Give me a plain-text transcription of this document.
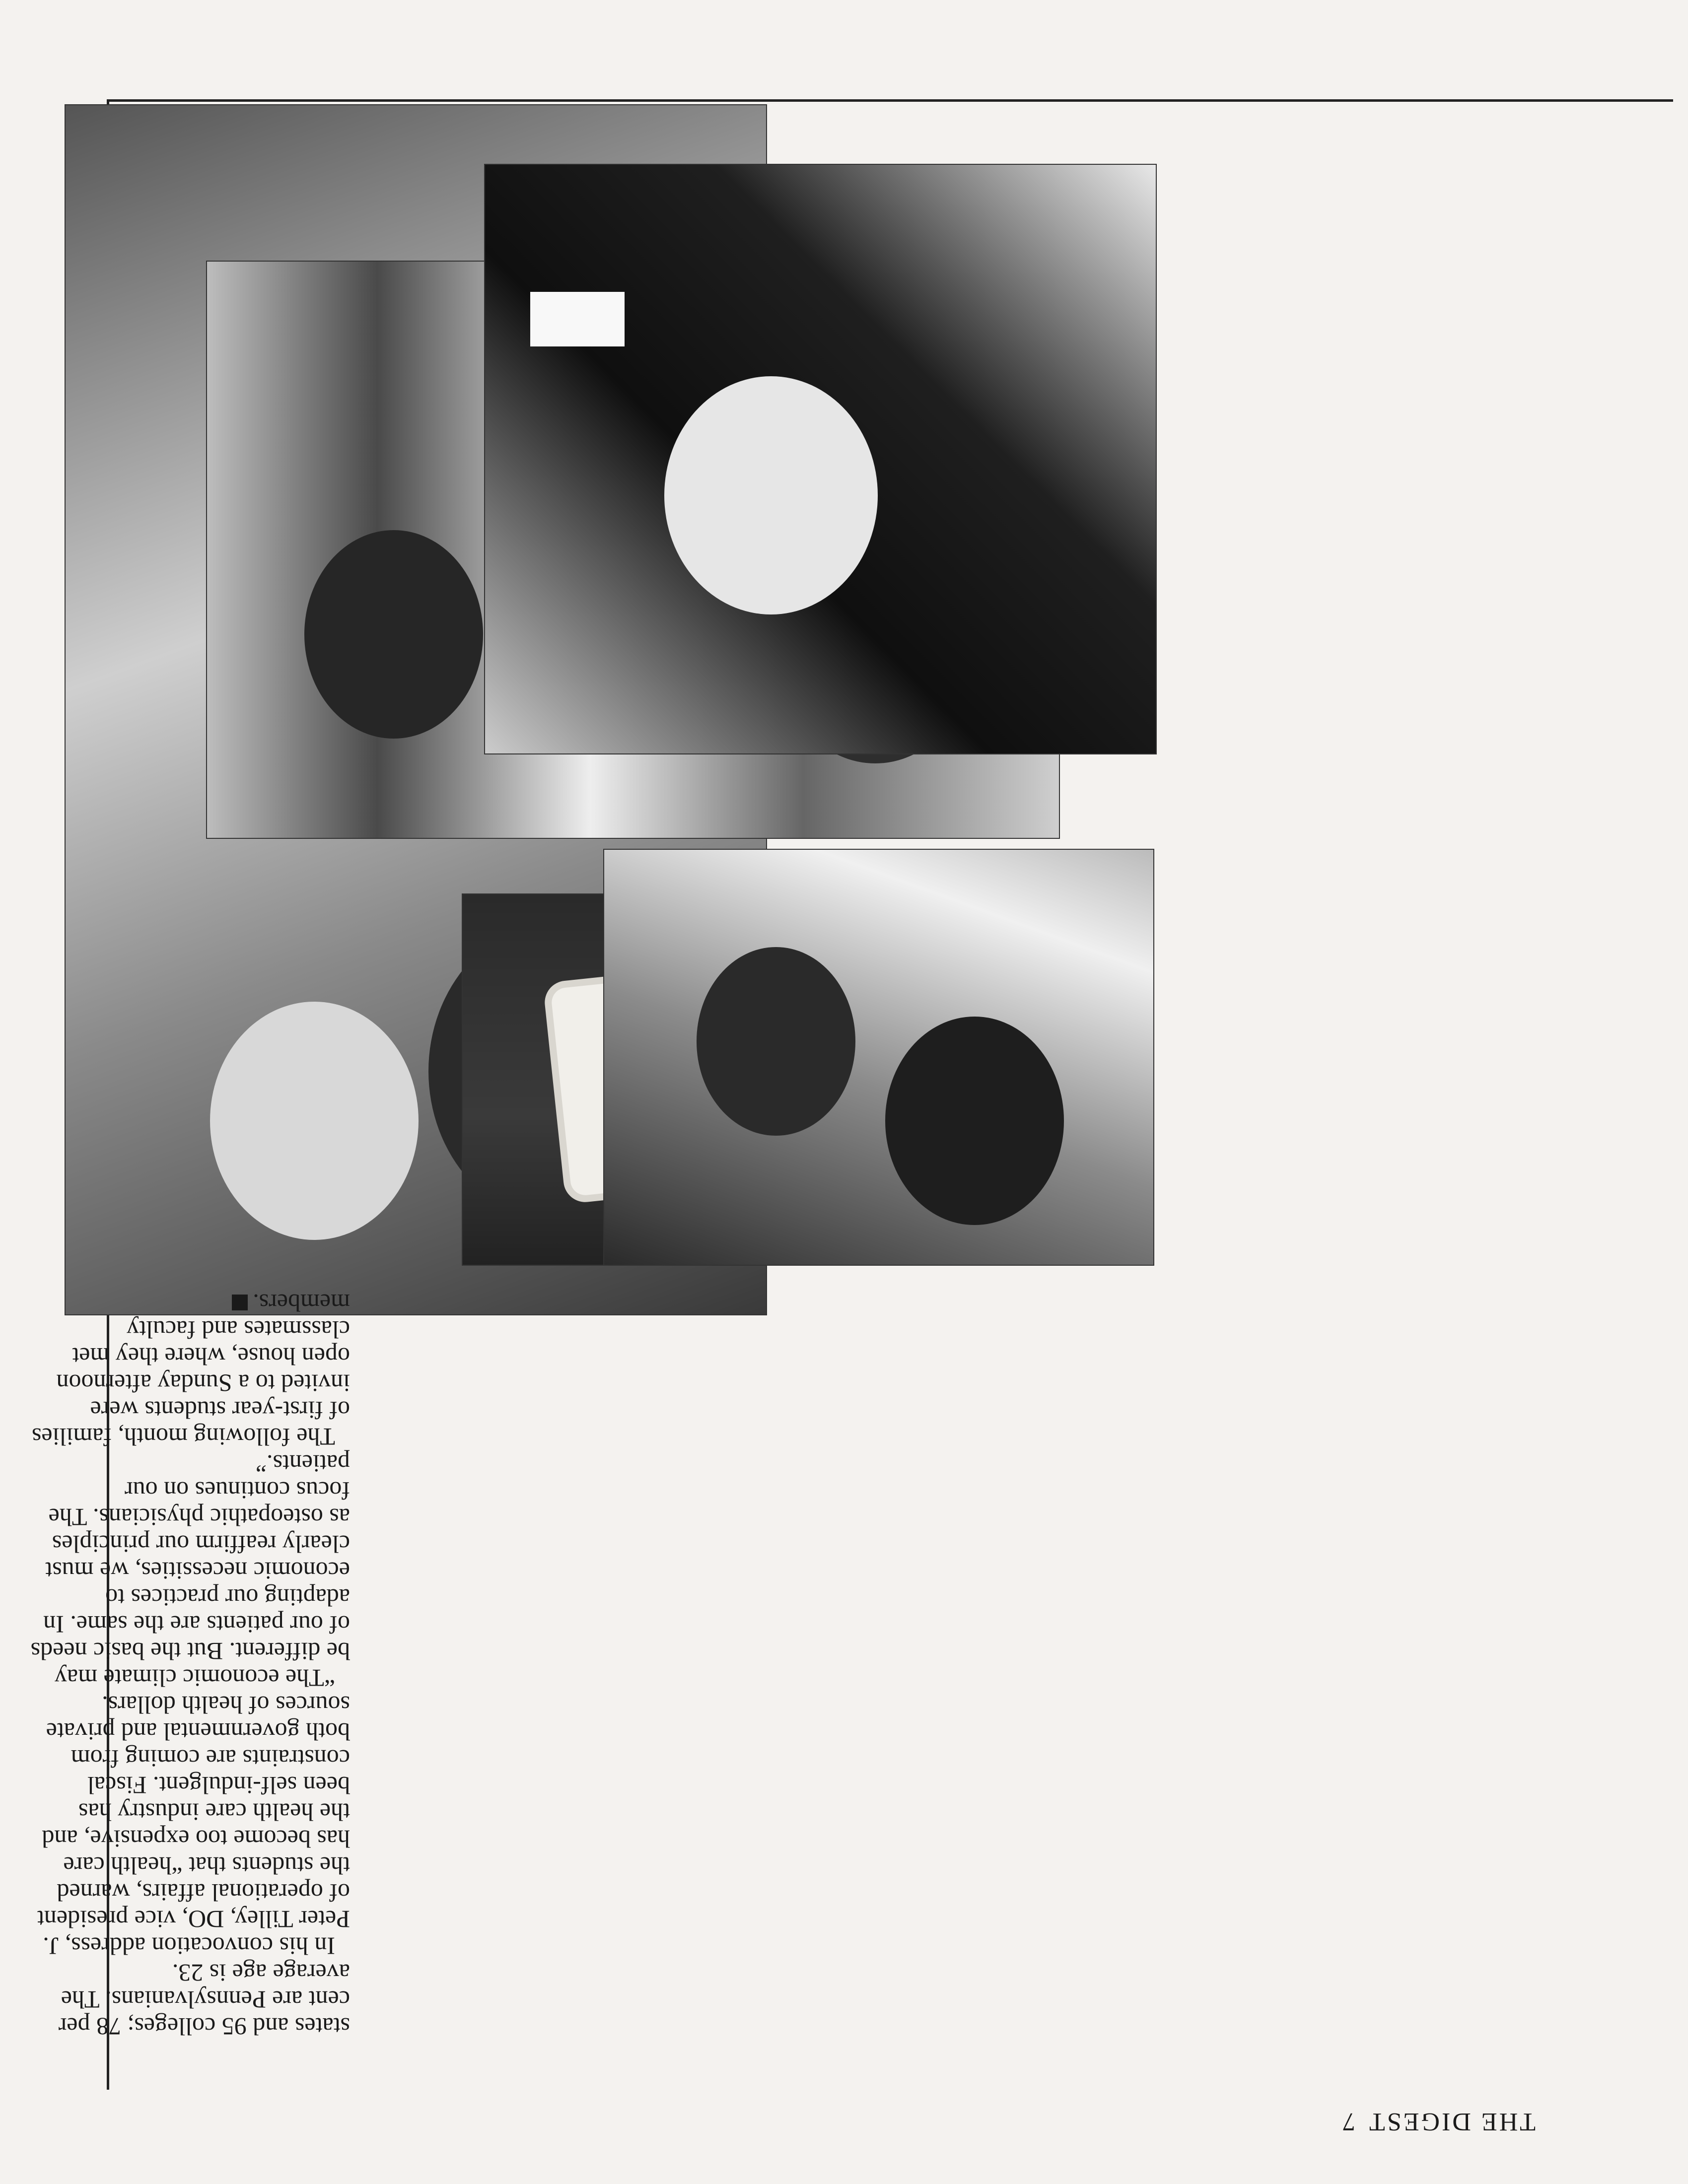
THE DIGEST7

states and 95 colleges; 78 per cent are Pennsylvanians. The average age is 23.

In his convocation address, J. Peter Tilley, DO, vice president of operational affairs, warned the students that “health care has become too expensive, and the health care industry has been self-indulgent. Fiscal constraints are coming from both governmental and private sources of health dollars.

“The economic climate may be different. But the basic needs of our patients are the same. In adapting our practices to economic necessities, we must clearly reaffirm our principles as osteopathic physicians. The focus continues on our patients.”

The following month, families of first-year students were invited to a Sunday afternoon open house, where they met classmates and faculty members.
